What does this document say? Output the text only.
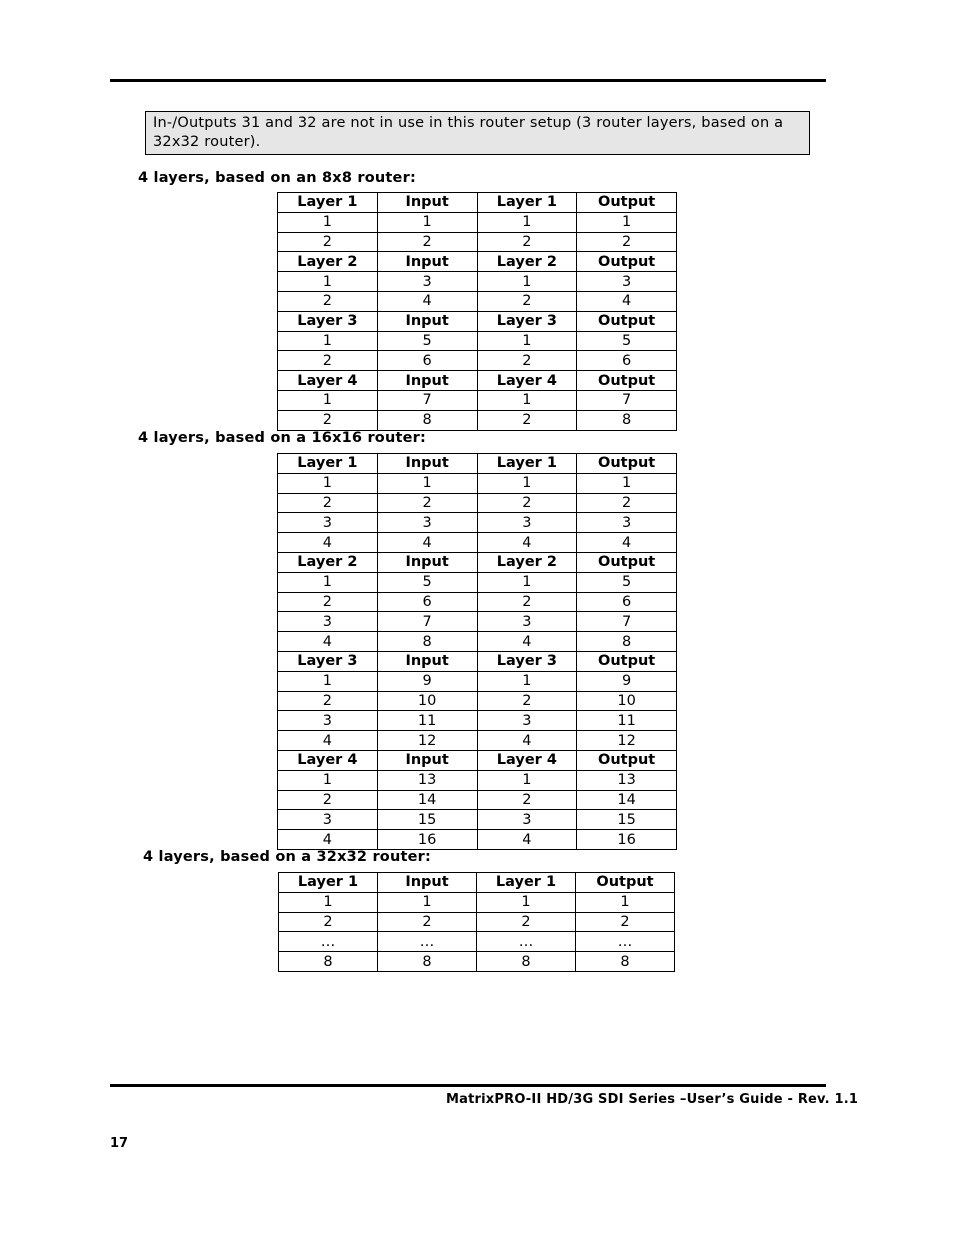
In-/Outputs 31 and 32 are not in use in this router setup (3 router layers, based on a 32x32 router).
4 layers, based on an 8x8 router:
Layer 1	Input	Layer 1	Output
1	1	1	1
2	2	2	2
Layer 2	Input	Layer 2	Output
1	3	1	3
2	4	2	4
Layer 3	Input	Layer 3	Output
1	5	1	5
2	6	2	6
Layer 4	Input	Layer 4	Output
1	7	1	7
2	8	2	8
4 layers, based on a 16x16 router:
Layer 1	Input	Layer 1	Output
1	1	1	1
2	2	2	2
3	3	3	3
4	4	4	4
Layer 2	Input	Layer 2	Output
1	5	1	5
2	6	2	6
3	7	3	7
4	8	4	8
Layer 3	Input	Layer 3	Output
1	9	1	9
2	10	2	10
3	11	3	11
4	12	4	12
Layer 4	Input	Layer 4	Output
1	13	1	13
2	14	2	14
3	15	3	15
4	16	4	16
4 layers, based on a 32x32 router:
Layer 1	Input	Layer 1	Output
1	1	1	1
2	2	2	2
…	…	…	…
8	8	8	8
MatrixPRO-II HD/3G SDI Series –User’s Guide - Rev. 1.1
17
